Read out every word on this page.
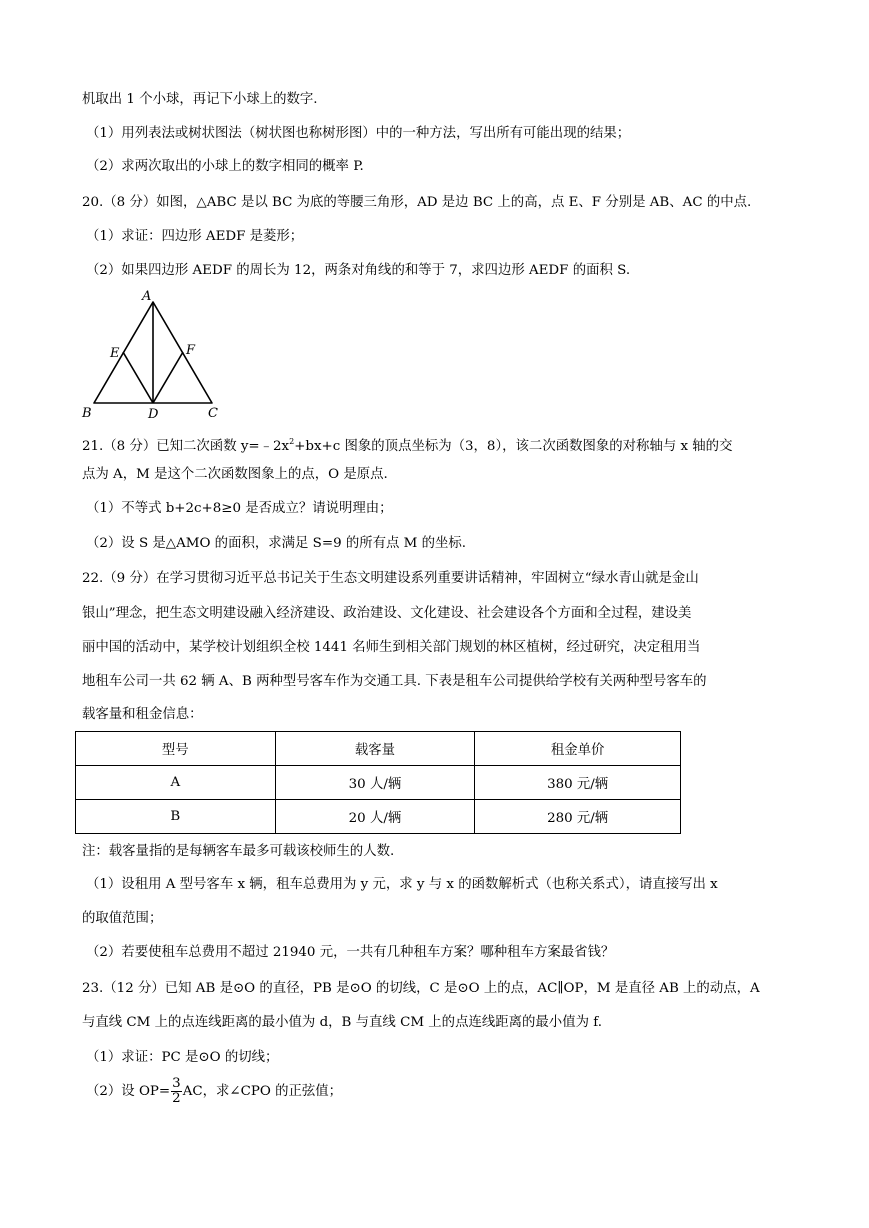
机取出 1 个小球，再记下小球上的数字.
（1）用列表法或树状图法（树状图也称树形图）中的一种方法，写出所有可能出现的结果；
（2）求两次取出的小球上的数字相同的概率 P.
20.（8 分）如图，△ABC 是以 BC 为底的等腰三角形，AD 是边 BC 上的高，点 E、F 分别是 AB、AC 的中点.
（1）求证：四边形 AEDF 是菱形；
（2）如果四边形 AEDF 的周长为 12，两条对角线的和等于 7，求四边形 AEDF 的面积 S.
A
E	F
B	D	C
21.（8 分）已知二次函数 $y=﹣2x^2+bx+c$ 图象的顶点坐标为（3，8），该二次函数图象的对称轴与 x 轴的交
点为 A，M 是这个二次函数图象上的点，O 是原点.
（1）不等式 b+2c+8≥0 是否成立？请说明理由；
（2）设 S 是△AMO 的面积，求满足 S=9 的所有点 M 的坐标.
22.（9 分）在学习贯彻习近平总书记关于生态文明建设系列重要讲话精神，牢固树立“绿水青山就是金山
银山”理念，把生态文明建设融入经济建设、政治建设、文化建设、社会建设各个方面和全过程，建设美
丽中国的活动中，某学校计划组织全校 1441 名师生到相关部门规划的林区植树，经过研究，决定租用当
地租车公司一共 62 辆 A、B 两种型号客车作为交通工具. 下表是租车公司提供给学校有关两种型号客车的
载客量和租金信息：
型号	载客量	租金单价
A	30 人/辆	380 元/辆
B	20 人/辆	280 元/辆
注：载客量指的是每辆客车最多可载该校师生的人数.
（1）设租用 A 型号客车 x 辆，租车总费用为 y 元，求 y 与 x 的函数解析式（也称关系式），请直接写出 x
的取值范围；
（2）若要使租车总费用不超过 21940 元，一共有几种租车方案？哪种租车方案最省钱？
23.（12 分）已知 AB 是⊙O 的直径，PB 是⊙O 的切线，C 是⊙O 上的点，AC∥OP，M 是直径 AB 上的动点，A
与直线 CM 上的点连线距离的最小值为 d，B 与直线 CM 上的点连线距离的最小值为 f.
（1）求证：PC 是⊙O 的切线；
（2）设 $OP= \frac{3}{2}$ AC，求∠CPO 的正弦值；
